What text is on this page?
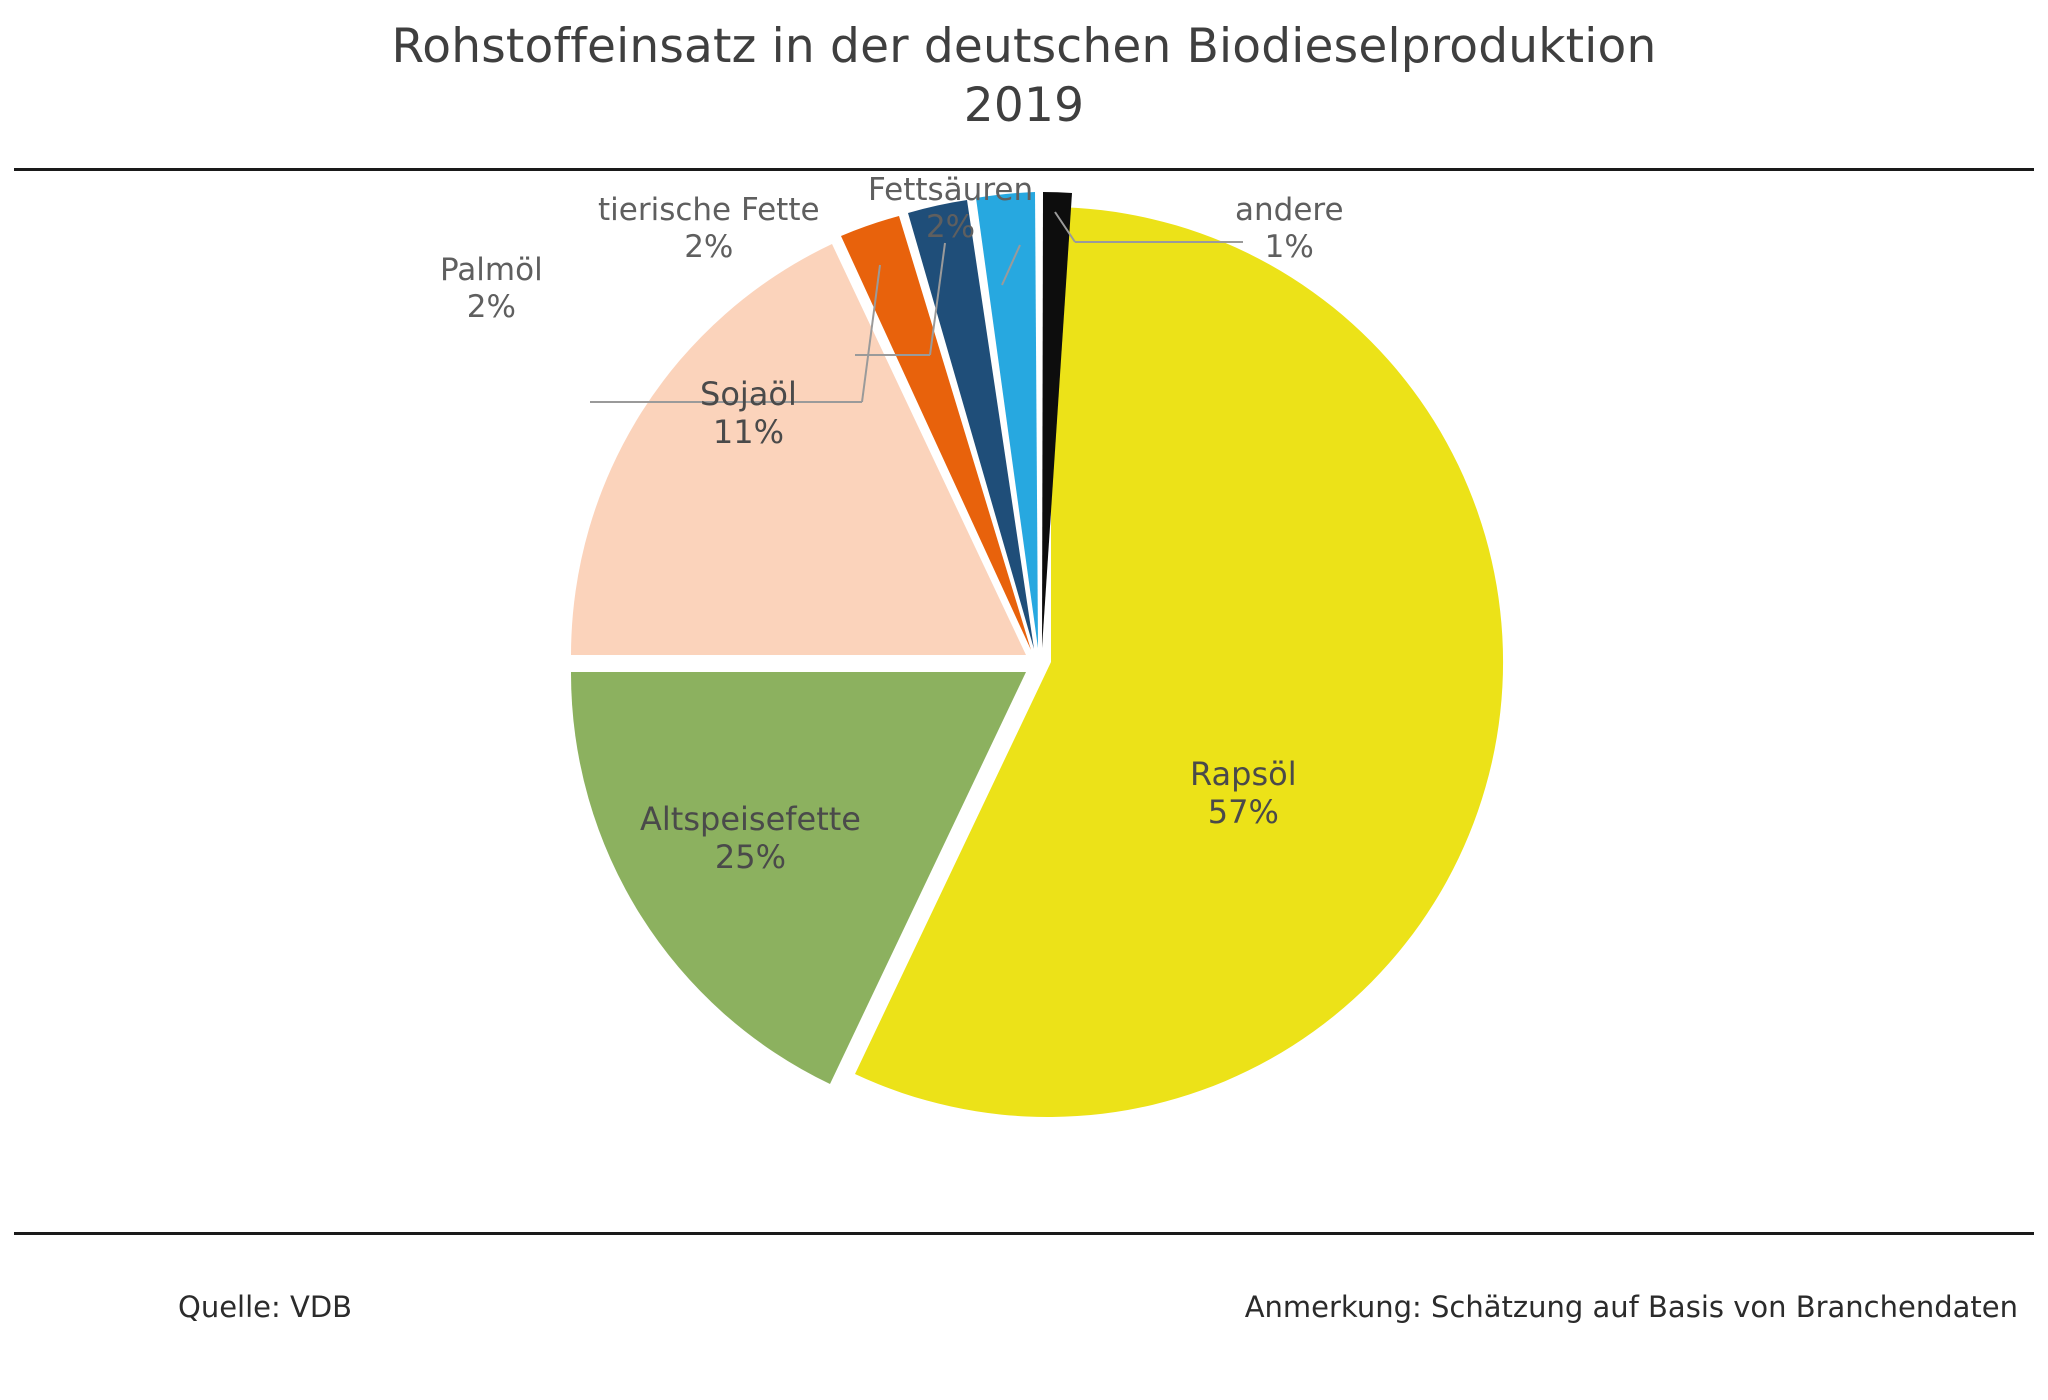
Rohstoffeinsatz in der deutschen Biodieselproduktion
2019
Palmöl
2%
tierische Fette
2%
Fettsäuren
2%	andere
1%
Sojaöl
11%
Altspeisefette
25%
Rapsöl
57%
Quelle: VDB	Anmerkung: Schätzung auf Basis von Branchendaten
